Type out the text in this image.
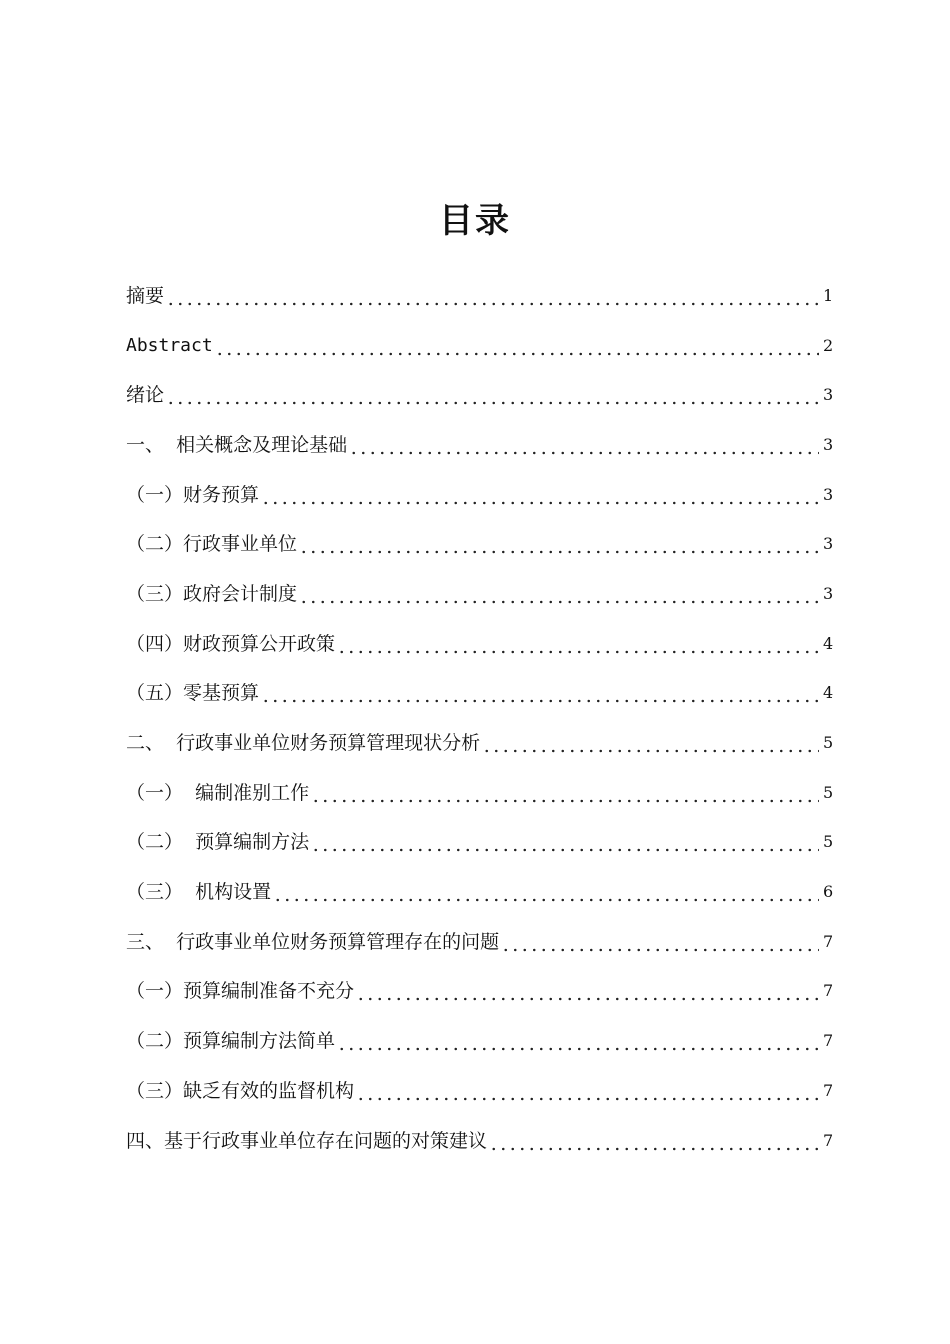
目录
摘要	1
Abstract	2
绪论	3
一、  相关概念及理论基础	3
（一）财务预算	3
（二）行政事业单位	3
（三）政府会计制度	3
（四）财政预算公开政策	4
（五）零基预算	4
二、  行政事业单位财务预算管理现状分析	5
（一）  编制准别工作	5
（二）  预算编制方法	5
（三）  机构设置	6
三、  行政事业单位财务预算管理存在的问题	7
（一）预算编制准备不充分	7
（二）预算编制方法简单	7
（三）缺乏有效的监督机构	7
四、基于行政事业单位存在问题的对策建议	7
